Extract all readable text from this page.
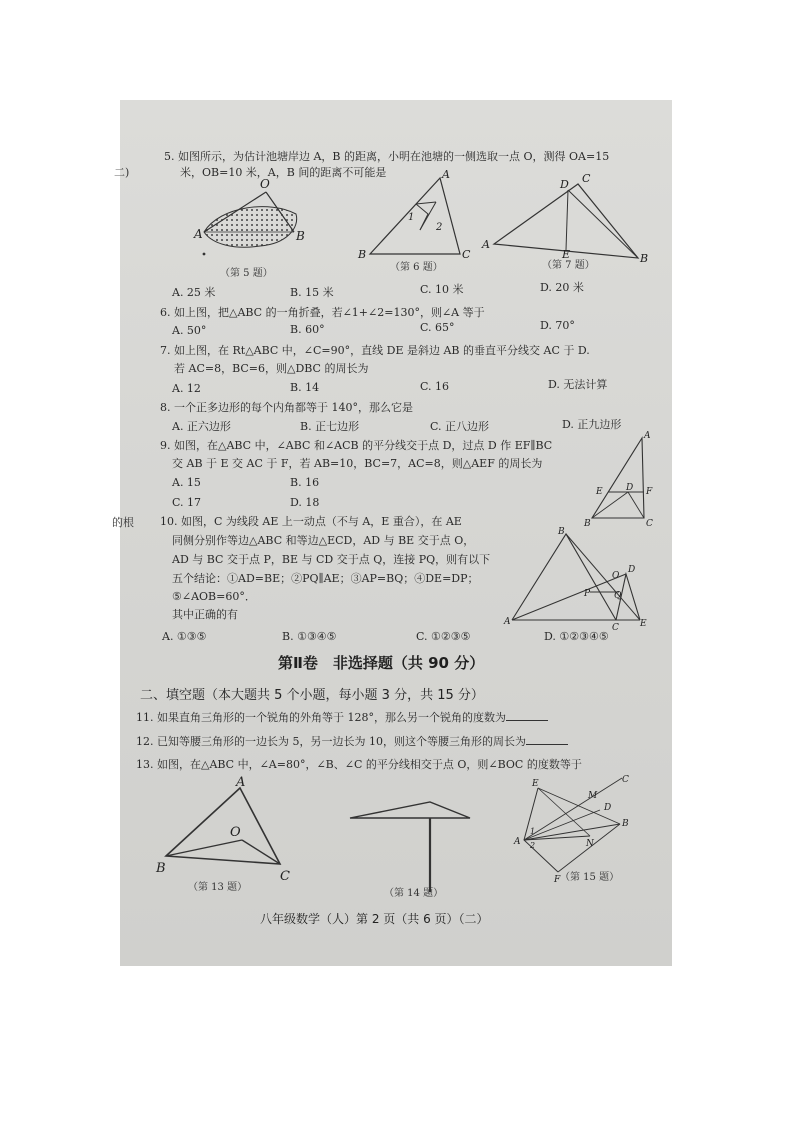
二)
的根
5. 如图所示，为估计池塘岸边 A，B 的距离，小明在池塘的一侧选取一点 O，测得 OA=15
米，OB=10 米，A，B 间的距离不可能是
O
A	B
（第 5 题）
A
1
2
B	C
（第 6 题）
C
D
A
E	B
（第 7 题）
A. 25 米	B. 15 米	C. 10 米	D. 20 米
6. 如上图，把△ABC 的一角折叠，若∠1+∠2=130°，则∠A 等于
A. 50°	B. 60°	C. 65°	D. 70°
7. 如上图，在 Rt△ABC 中，∠C=90°，直线 DE 是斜边 AB 的垂直平分线交 AC 于 D.
若 AC=8，BC=6，则△DBC 的周长为
A. 12	B. 14	C. 16	D. 无法计算
8. 一个正多边形的每个内角都等于 140°，那么它是
A. 正六边形	B. 正七边形	C. 正八边形	D. 正九边形
9. 如图，在△ABC 中，∠ABC 和∠ACB 的平分线交于点 D，过点 D 作 EF∥BC
交 AB 于 E 交 AC 于 F，若 AB=10，BC=7，AC=8，则△AEF 的周长为
A. 15	B. 16
C. 17	D. 18
A
E	D F
B	C
10. 如图，C 为线段 AE 上一动点（不与 A，E 重合），在 AE
同侧分别作等边△ABC 和等边△ECD，AD 与 BE 交于点 O，
AD 与 BC 交于点 P，BE 与 CD 交于点 Q，连接 PQ，则有以下
五个结论：①AD=BE；②PQ∥AE；③AP=BQ；④DE=DP；
⑤∠AOB=60°．
其中正确的有
B
D
O
P	Q
A
C E
A. ①③⑤	B. ①③④⑤	C. ①②③⑤	D. ①②③④⑤
第Ⅱ卷　非选择题（共 90 分）
二、填空题（本大题共 5 个小题，每小题 3 分，共 15 分）
11. 如果直角三角形的一个锐角的外角等于 128°，那么另一个锐角的度数为
12. 已知等腰三角形的一边长为 5，另一边长为 10，则这个等腰三角形的周长为
13. 如图，在△ABC 中，∠A=80°，∠B、∠C 的平分线相交于点 O，则∠BOC 的度数等于
A
O
B
C
（第 13 题）
（第 14 题）
E	C
M
D
B
1
A 2	N
F （第 15 题）
八年级数学（人）第 2 页（共 6 页）（二）
